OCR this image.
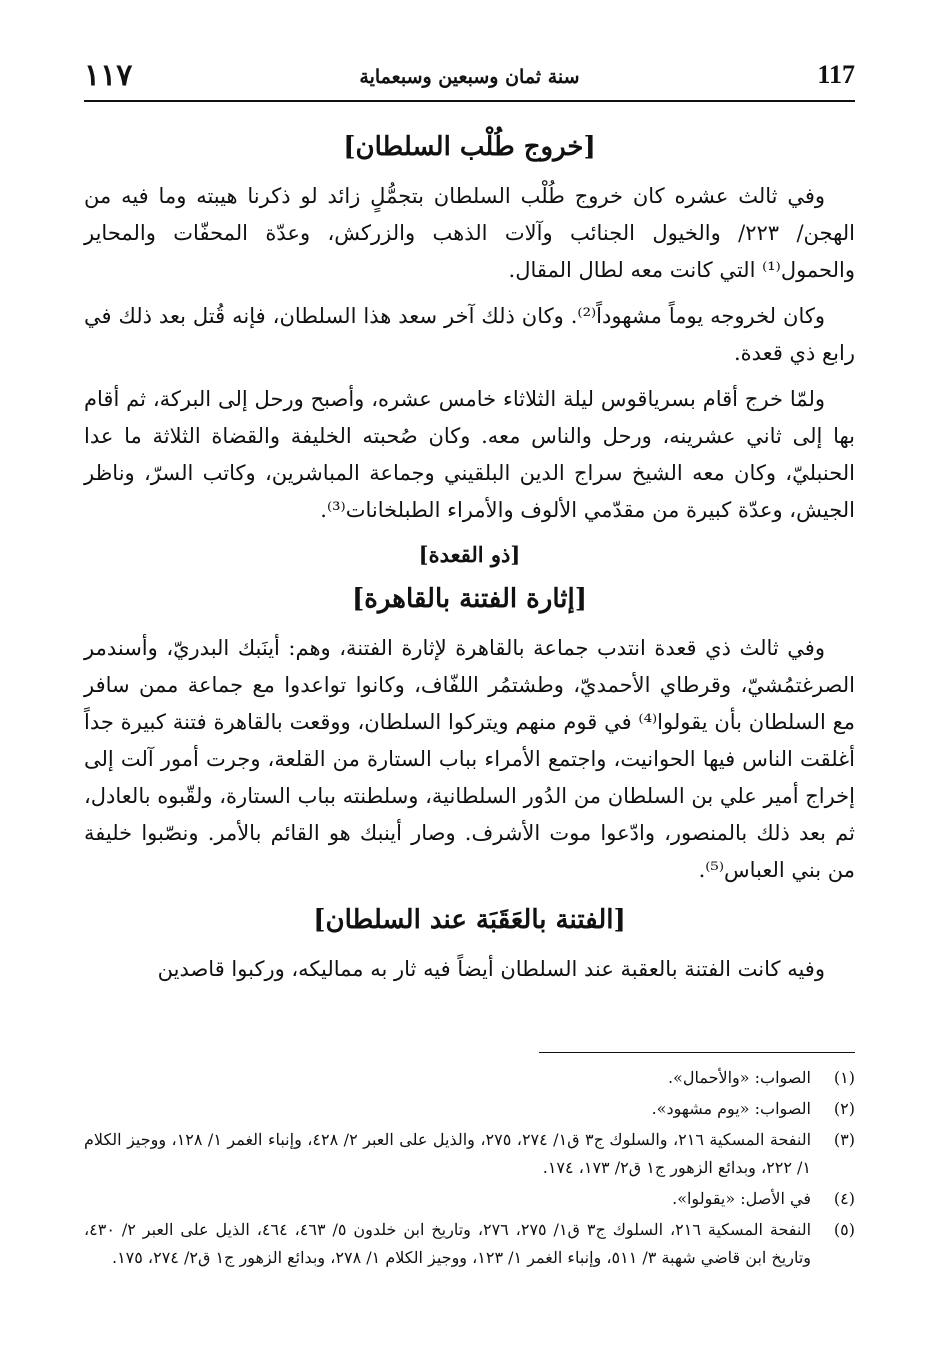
١١٧	سنة ثمان وسبعين وسبعماية	117
[خروج طُلْب السلطان]

وفي ثالث عشره كان خروج طُلْب السلطان بتجمُّلٍ زائد لو ذكرنا هيبته وما فيه من الهجن/ ٢٢٣/ والخيول الجنائب وآلات الذهب والزركش، وعدّة المحفّات والمحاير والحمول⁽¹⁾ التي كانت معه لطال المقال.

وكان لخروجه يوماً مشهوداً⁽²⁾. وكان ذلك آخر سعد هذا السلطان، فإنه قُتل بعد ذلك في رابع ذي قعدة.

ولمّا خرج أقام بسرياقوس ليلة الثلاثاء خامس عشره، وأصبح ورحل إلى البركة، ثم أقام بها إلى ثاني عشرينه، ورحل والناس معه. وكان صُحبته الخليفة والقضاة الثلاثة ما عدا الحنبليّ، وكان معه الشيخ سراج الدين البلقيني وجماعة المباشرين، وكاتب السرّ، وناظر الجيش، وعدّة كبيرة من مقدّمي الألوف والأمراء الطبلخانات⁽³⁾.

[ذو القعدة]
[إثارة الفتنة بالقاهرة]

وفي ثالث ذي قعدة انتدب جماعة بالقاهرة لإثارة الفتنة، وهم: أينَبك البدريّ، وأسندمر الصرغتمُشيّ، وقرطاي الأحمديّ، وطشتمُر اللفّاف، وكانوا تواعدوا مع جماعة ممن سافر مع السلطان بأن يقولوا⁽⁴⁾ في قوم منهم ويتركوا السلطان، ووقعت بالقاهرة فتنة كبيرة جداً أغلقت الناس فيها الحوانيت، واجتمع الأمراء بباب الستارة من القلعة، وجرت أمور آلت إلى إخراج أمير علي بن السلطان من الدُور السلطانية، وسلطنته بباب الستارة، ولقّبوه بالعادل، ثم بعد ذلك بالمنصور، وادّعوا موت الأشرف. وصار أينبك هو القائم بالأمر. ونصّبوا خليفة من بني العباس⁽⁵⁾.

[الفتنة بالعَقَبَة عند السلطان]

وفيه كانت الفتنة بالعقبة عند السلطان أيضاً فيه ثار به مماليكه، وركبوا قاصدين

(١)
الصواب: «والأحمال».
(٢)
الصواب: «يوم مشهود».
(٣)
النفحة المسكية ٢١٦، والسلوك ج٣ ق١/ ٢٧٤، ٢٧٥، والذيل على العبر ٢/ ٤٢٨، وإنباء الغمر ١/ ١٢٨، ووجيز الكلام ١/ ٢٢٢، وبدائع الزهور ج١ ق٢/ ١٧٣، ١٧٤.
(٤)
في الأصل: «يقولوا».
(٥)
النفحة المسكية ٢١٦، السلوك ج٣ ق١/ ٢٧٥، ٢٧٦، وتاريخ ابن خلدون ٥/ ٤٦٣، ٤٦٤، الذيل على العبر ٢/ ٤٣٠، وتاريخ ابن قاضي شهبة ٣/ ٥١١، وإنباء الغمر ١/ ١٢٣، ووجيز الكلام ١/ ٢٧٨، وبدائع الزهور ج١ ق٢/ ٢٧٤، ١٧٥.
